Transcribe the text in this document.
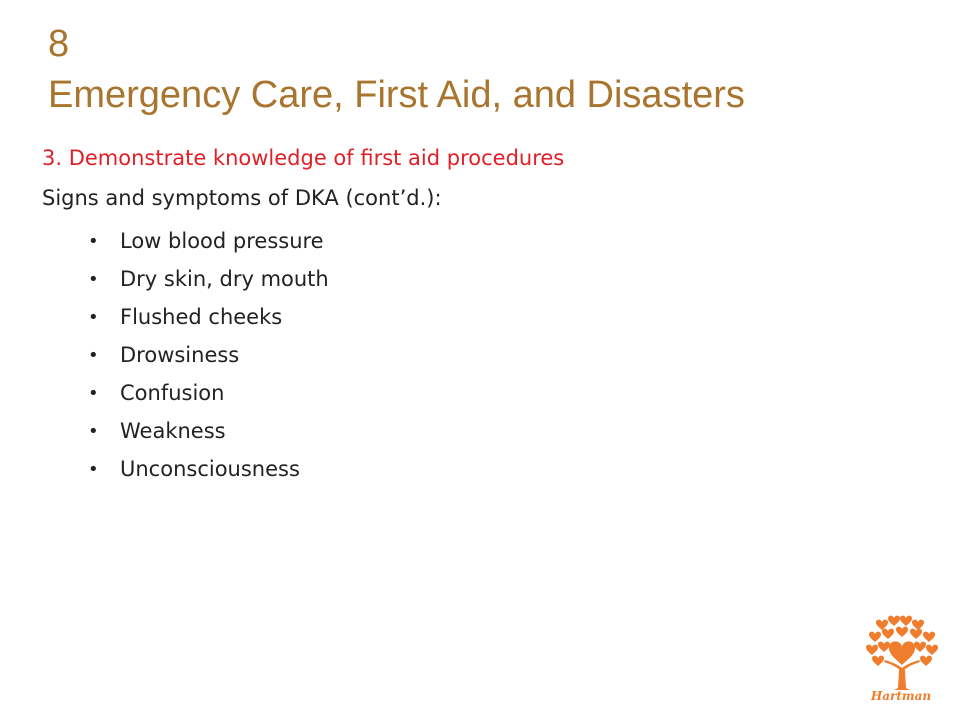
8
Emergency Care, First Aid, and Disasters
3. Demonstrate knowledge of first aid procedures
Signs and symptoms of DKA (cont’d.):
•	Low blood pressure
•	Dry skin, dry mouth
•	Flushed cheeks
•	Drowsiness
•	Confusion
•	Weakness
•	Unconsciousness
Hartman
